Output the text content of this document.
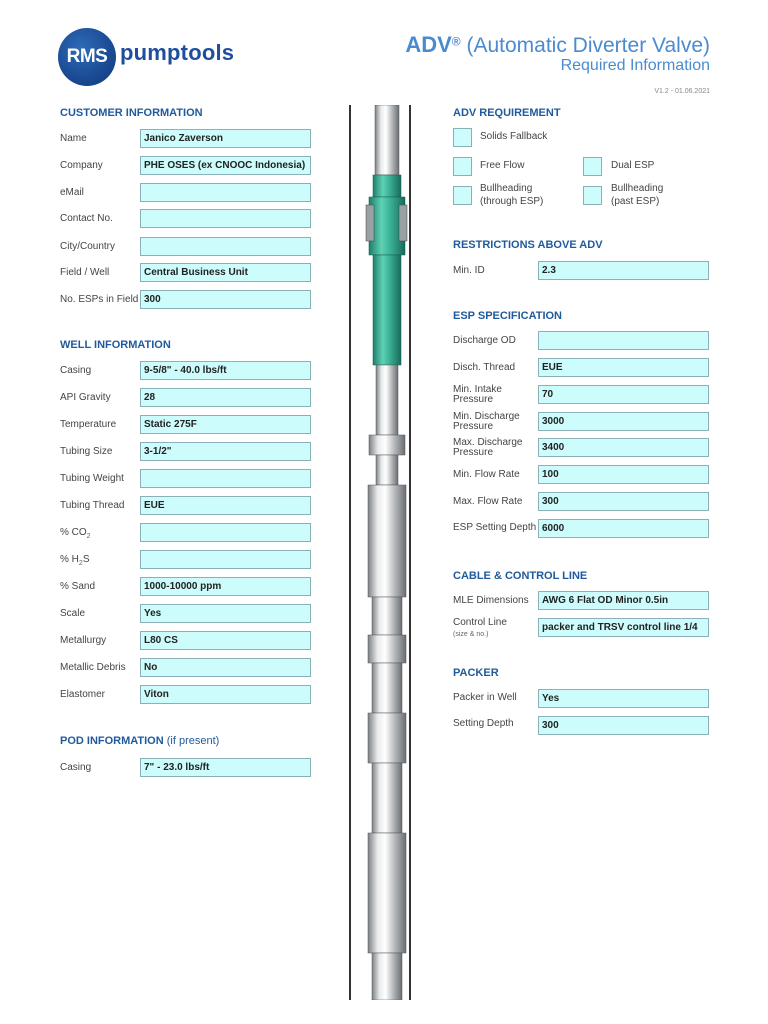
RMS pumptools	ADV® (Automatic Diverter Valve)
Required Information
V1.2 - 01.06.2021
CUSTOMER INFORMATION
Name	Janico Zaverson
Company	PHE OSES (ex CNOOC Indonesia)
eMail
Contact No.
City/Country
Field / Well	Central Business Unit
No. ESPs in Field 300
WELL INFORMATION
Casing	9-5/8" - 40.0 lbs/ft
API Gravity	28
Temperature	Static 275F
Tubing Size	3-1/2"
Tubing Weight
Tubing Thread	EUE
% $CO_2$
% $H_2S$
% Sand	1000-10000 ppm
Scale	Yes
Metallurgy	L80 CS
Metallic Debris	No
Elastomer	Viton
POD INFORMATION (if present)
Casing	7" - 23.0 lbs/ft
ADV REQUIREMENT
Solids Fallback
Free Flow	Dual ESP
Bullheading
(through ESP)
Bullheading
(past ESP)
RESTRICTIONS ABOVE ADV
Min. ID	2.3
ESP SPECIFICATION
Discharge OD
Disch. Thread	EUE
Min. Intake
Pressure	70
Min. Discharge
Pressure	3000
Max. Discharge
Pressure	3400
Min. Flow Rate	100
Max. Flow Rate	300
ESP Setting Depth 6000
CABLE & CONTROL LINE
MLE Dimensions	AWG 6 Flat OD Minor 0.5in
Control Line
(size & no.)
packer and TRSV control line 1/4
PACKER
Packer in Well	Yes
Setting Depth	300
